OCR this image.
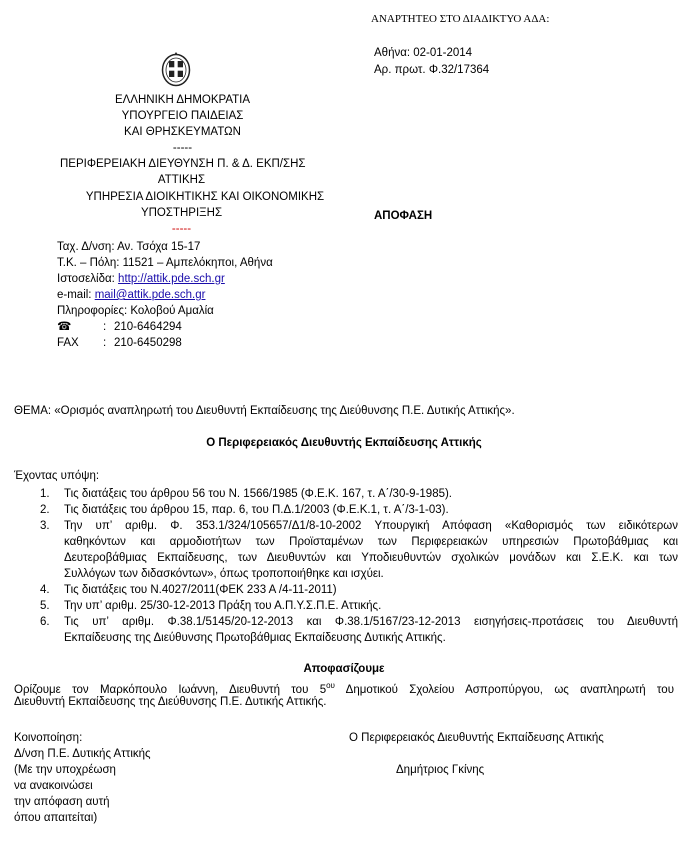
ΑΝΑΡΤΗΤΕΟ ΣΤΟ ΔΙΑΔΙΚΤΥΟ ΑΔΑ:
Αθήνα: 02-01-2014
Αρ. πρωτ. Φ.32/17364
ΕΛΛΗΝΙΚΗ ΔΗΜΟΚΡΑΤΙΑ
ΥΠΟΥΡΓΕΙΟ ΠΑΙΔΕΙΑΣ
ΚΑΙ ΘΡΗΣΚΕΥΜΑΤΩΝ
-----
ΠΕΡΙΦΕΡΕΙΑΚΗ ΔΙΕΥΘΥΝΣΗ Π. & Δ. ΕΚΠ/ΣΗΣ
ΑΤΤΙΚΗΣ
ΥΠΗΡΕΣΙΑ ΔΙΟΙΚΗΤΙΚΗΣ ΚΑΙ ΟΙΚΟΝΟΜΙΚΗΣ
ΥΠΟΣΤΗΡΙΞΗΣ
-----
ΑΠΟΦΑΣΗ
Ταχ. Δ/νση: Αν. Τσόχα 15-17
Τ.Κ. – Πόλη: 11521 – Αμπελόκηποι, Αθήνα
Ιστοσελίδα: http://attik.pde.sch.gr
e-mail: mail@attik.pde.sch.gr
Πληροφορίες: Κολοβού Αμαλία
☎	: 210-6464294
FAX : 210-6450298
ΘΕΜΑ: «Ορισμός αναπληρωτή του Διευθυντή Εκπαίδευσης της Διεύθυνσης Π.Ε. Δυτικής Αττικής».
Ο Περιφερειακός Διευθυντής Εκπαίδευσης Αττικής
Έχοντας υπόψη:
1. Τις διατάξεις του άρθρου 56 του Ν. 1566/1985 (Φ.Ε.Κ. 167, τ. Α΄/30-9-1985).
2. Τις διατάξεις του άρθρου 15, παρ. 6, του Π.Δ.1/2003 (Φ.Ε.Κ.1, τ. Α΄/3-1-03).
3. Την υπ’ αριθμ. Φ. 353.1/324/105657/Δ1/8-10-2002 Υπουργική Απόφαση «Καθορισμός των ειδικότερων
καθηκόντων και αρμοδιοτήτων των Προϊσταμένων των Περιφερειακών υπηρεσιών Πρωτοβάθμιας και
Δευτεροβάθμιας Εκπαίδευσης, των Διευθυντών και Υποδιευθυντών σχολικών μονάδων και Σ.Ε.Κ. και των
Συλλόγων των διδασκόντων», όπως τροποποιήθηκε και ισχύει.
4. Τις διατάξεις του Ν.4027/2011(ΦΕΚ 233 Α /4-11-2011)
5. Την υπ’ αριθμ. 25/30-12-2013 Πράξη του Α.Π.Υ.Σ.Π.Ε. Αττικής.
6. Τις υπ’ αριθμ. Φ.38.1/5145/20-12-2013 και Φ.38.1/5167/23-12-2013 εισηγήσεις-προτάσεις του Διευθυντή
Εκπαίδευσης της Διεύθυνσης Πρωτοβάθμιας Εκπαίδευσης Δυτικής Αττικής.
Αποφασίζουμε
Ορίζουμε τον Μαρκόπουλο Ιωάννη, Διευθυντή του $5^{o\upsilon}$ Δημοτικού Σχολείου Ασπροπύργου, ως αναπληρωτή του
Διευθυντή Εκπαίδευσης της Διεύθυνσης Π.Ε. Δυτικής Αττικής.
Κοινοποίηση:
Δ/νση Π.Ε. Δυτικής Αττικής
(Με την υποχρέωση
να ανακοινώσει
την απόφαση αυτή
όπου απαιτείται)
Ο Περιφερειακός Διευθυντής Εκπαίδευσης Αττικής
Δημήτριος Γκίνης
